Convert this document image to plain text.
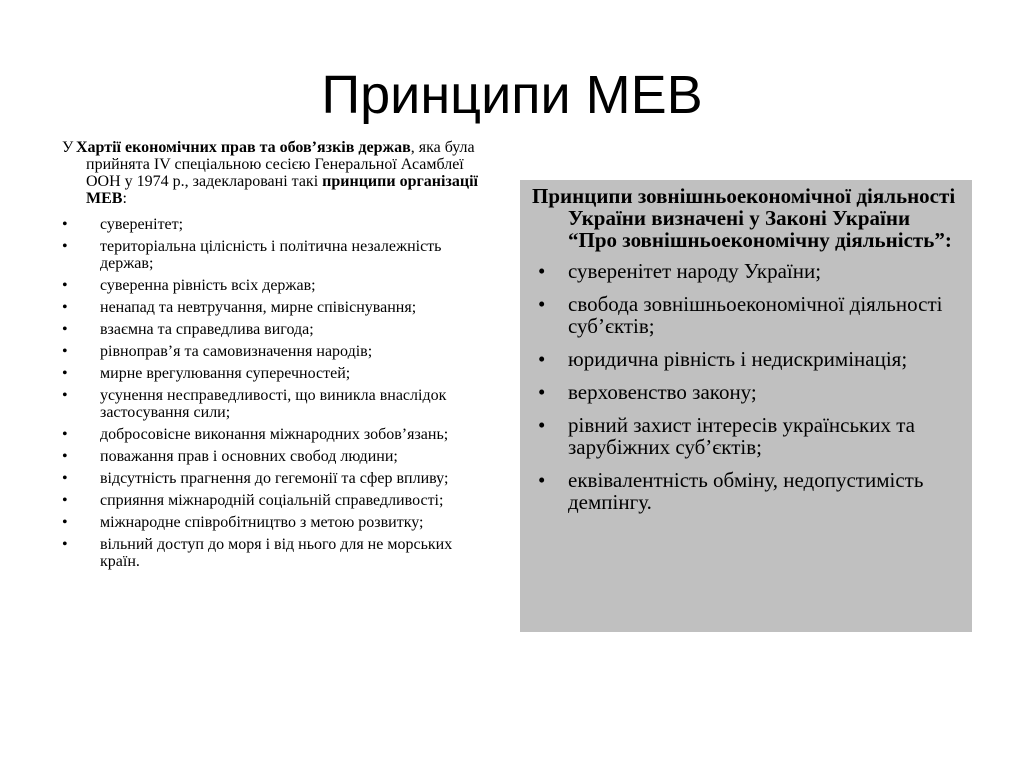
Принципи МЕВ

У Хартії економічних прав та обов’язків держав, яка була прийнята IV спеціальною сесією Генеральної Асамблеї ООН у 1974 р., задекларовані такі принципи організації МЕВ:

• суверенітет;
• територіальна цілісність і політична незалежність держав;
• суверенна рівність всіх держав;
• ненапад та невтручання, мирне співіснування;
• взаємна та справедлива вигода;
• рівноправ’я та самовизначення народів;
• мирне врегулювання суперечностей;
• усунення несправедливості, що виникла внаслідок застосування сили;
• добросовісне виконання міжнародних зобов’язань;
• поважання прав і основних свобод людини;
• відсутність прагнення до гегемонії та сфер впливу;
• сприяння міжнародній соціальній справедливості;
• міжнародне співробітництво з метою розвитку;
• вільний доступ до моря і від нього для не морських країн.

Принципи зовнішньоекономічної діяльності України визначені у Законі України “Про зовнішньоекономічну діяльність”:

• суверенітет народу України;
• свобода зовнішньоекономічної діяльності суб’єктів;
• юридична рівність і недискримінація;
• верховенство закону;
• рівний захист інтересів українських та зарубіжних суб’єктів;
• еквівалентність обміну, недопустимість демпінгу.
